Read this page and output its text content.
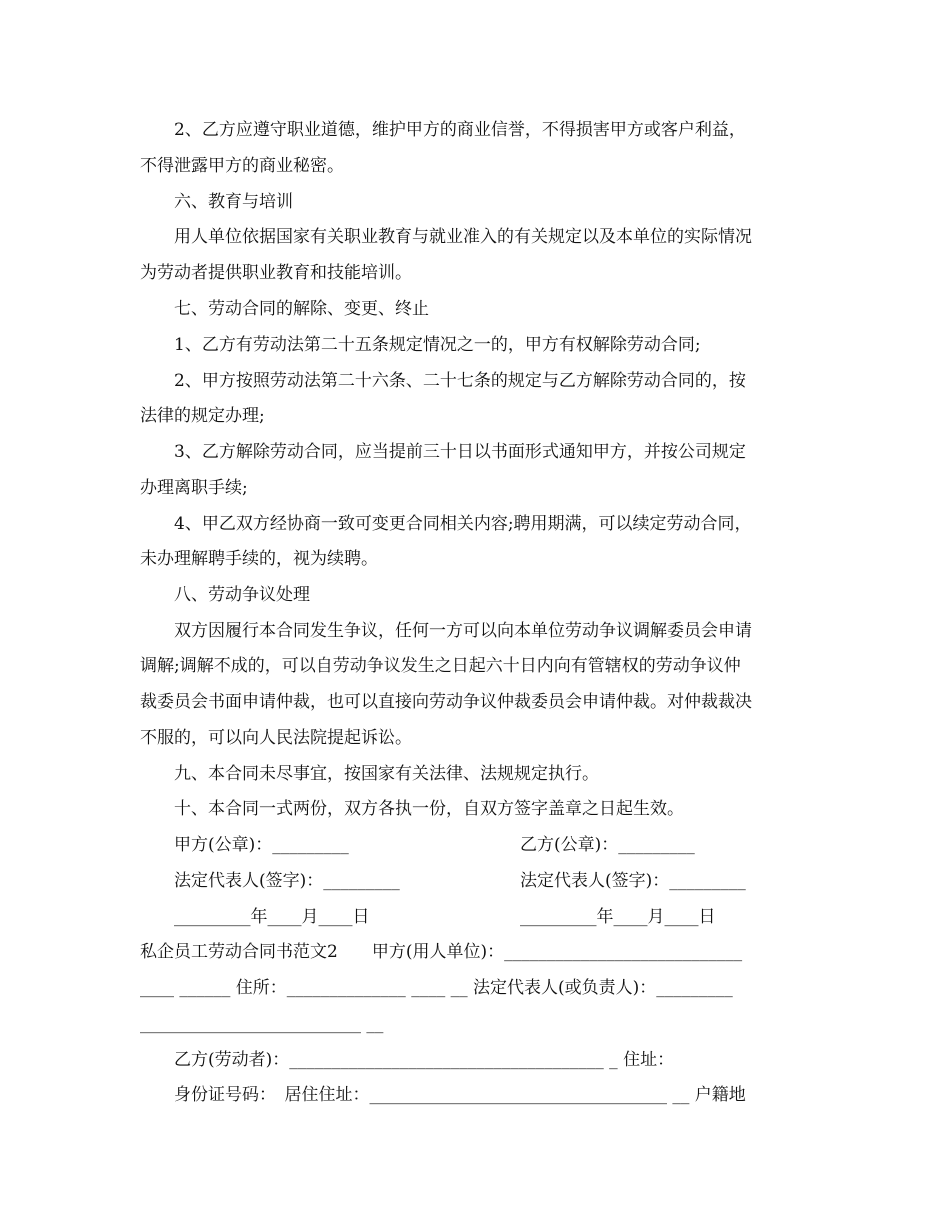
2、乙方应遵守职业道德，维护甲方的商业信誉，不得损害甲方或客户利益，
不得泄露甲方的商业秘密。
六、教育与培训
用人单位依据国家有关职业教育与就业准入的有关规定以及本单位的实际情况
为劳动者提供职业教育和技能培训。
七、劳动合同的解除、变更、终止
1、乙方有劳动法第二十五条规定情况之一的，甲方有权解除劳动合同;
2、甲方按照劳动法第二十六条、二十七条的规定与乙方解除劳动合同的，按
法律的规定办理;
3、乙方解除劳动合同，应当提前三十日以书面形式通知甲方，并按公司规定
办理离职手续;
4、甲乙双方经协商一致可变更合同相关内容;聘用期满，可以续定劳动合同，
未办理解聘手续的，视为续聘。
八、劳动争议处理
双方因履行本合同发生争议，任何一方可以向本单位劳动争议调解委员会申请
调解;调解不成的，可以自劳动争议发生之日起六十日内向有管辖权的劳动争议仲
裁委员会书面申请仲裁，也可以直接向劳动争议仲裁委员会申请仲裁。对仲裁裁决
不服的，可以向人民法院提起诉讼。
九、本合同未尽事宜，按国家有关法律、法规规定执行。
十、本合同一式两份，双方各执一份，自双方签字盖章之日起生效。
甲方(公章)：_________	乙方(公章)：_________
法定代表人(签字)：_________	法定代表人(签字)：_________
_________年____月____日	_________年____月____日
私企员工劳动合同书范文2　　甲方(用人单位)：____________________________
____ ______ 住所：______________ ____ __ 法定代表人(或负责人)：_________
__________________________ __
乙方(劳动者)：_____________________________________ _ 住址：
身份证号码：　居住住址：___________________________________ __ 户籍地
